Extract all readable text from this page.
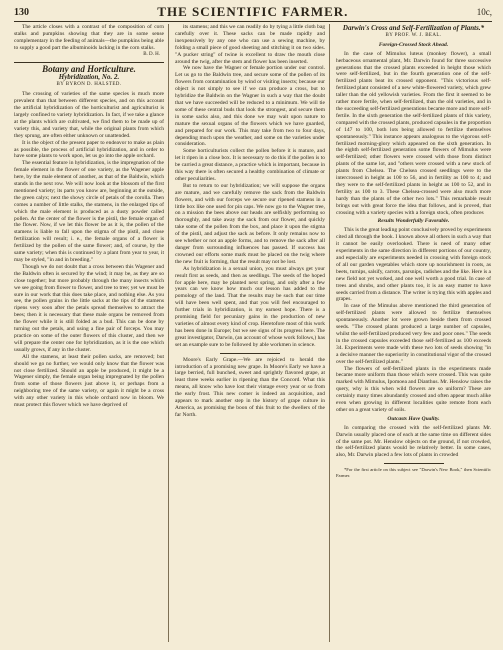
130	THE SCIENTIFIC FARMER.	10c,

The article closes with a contrast of the composition of corn stalks and pumpkins showing that they are in some sense complementary in the feeding of animals—the pumpkins being able to supply a good part the albuminoids lacking in the corn stalks.

B. D. H.
Botany and Horticulture.
Hybridization, No. 2.
BY BYRON D. HALSTED.

The crossing of varieties of the same species is much more prevalent than that between different species, and on this account the artificial hybridization of the horticulturist and agriculturist is largely confined to variety hybridization. In fact, if we take a glance at the plants which are cultivated, we find them to be made up of variety this, and variety that, while the original plants from which they sprung, are often either unknown or unattended.

It is the object of the present paper to endeavor to make as plain as possible, the process of artificial hybridization, and in order to have some plants to work upon, let us go into the apple orchard.

The essential feature in hybridization, is the impregnation of the female element in the flower of one variety, as the Wagener apple here, by the male element of another, as that of the Baldwin, which stands in the next row. We will now look at the blossom of the first mentioned variety; its parts you know are, beginning at the outside, the green calyx; next the showy circle of petals of the corolla. Then comes a number of little stalks, the stamens, in the enlarged tips of which the male element is produced as a dusty powder called pollen. At the center of the flower is the pistil, the female organ of the flower. Now, if we let this flower be as it is, the pollen of the stamens is liable to fall upon the stigma of the pistil, and close fertilization will result; i. e., the female organs of a flower is fertilized by the pollen of the same flower; and, of course, by the same variety; when this is continued by a plant from year to year, it may be styled, "in and in breeding."

Though we do not doubt that a cross between this Wagener and the Baldwin often is secured by the wind; it may be, as they are so close together; but more probably through the many insects which we see going from flower to flower, and tree to tree; yet we must be sure in our work that this does take place, and nothing else. As you see, the pollen grains in the little sacks at the tips of the stamens ripens very soon after the petals spread themselves to attract the bees; then it is necessary that these male organs be removed from the flower while it is still folded as a bud. This can be done by turning out the petals, and using a fine pair of forceps. You may practice on some of the outer flowers of this cluster, and then we will prepare the center one for hybridization, as it is the one which usually grows, if any in the cluster.

All the stamens, at least their pollen sacks, are removed; but should we go no further, we would only know that the flower was not close fertilized. Should an apple be produced, it might be a Wagener simply, the female organ being impregnated by the pollen from some of those flowers just above it, or perhaps from a neighboring tree of the same variety, or again it might be a cross with any other variety in this whole orchard now in bloom. We must protect this flower which we have deprived of

its stamens; and this we can readily do by tying a little cloth bag carefully over it. These sacks can be made rapidly and inexpensively by any one who can use a sewing machine, by folding a small piece of good sheeting and stitching it on two sides. "A pucker string" of twine is excellent to draw the mouth close around the twig, after the stem and flower has been inserted.

We now have the Wagner or female portion under our control. Let us go to the Baldwin tree, and secure some of the pollen of its flowers from contamination by wind or visiting insects; because our object is not simply to see if we can produce a cross, but to hybridize the Baldwin on the Wagner in such a way that the doubt that we have succeeded will be reduced to a minimum. We will tie some of these central buds that look the strongest, and secure them in some sacks also, and this done we may wait upon nature to mature the sexual organs of the flowers which we have guarded, and prepared for our work. This may take from two to four days, depending much upon the weather, and some on the varieties under consideration.

Some horticulturists collect the pollen before it is mature, and let it ripen in a close box. It is necessary to do this if the pollen is to be carried a great distance, a practice which is important, because in this way there is often secured a healthy combination of climate or other peculiarities.

But to return to our hybridization; we will suppose the organs are mature, and we carefully remove the sack from the Baldwin flowers, and with our forceps we secure our ripened stamens in a little box like one used for pin caps. We now go to the Wagner tree, on a mission the bees above our heads are selfishly performing so thoroughly, and take away the sack from our flower, and quickly take some of the pollen from the box, and place it upon the stigma of the pistil, and adjust the sack as before. It only remains now to see whether or not an apple forms, and to remove the sack after all danger from surrounding influences has passed. If success has crowned our efforts some mark must be placed on the twig where the new fruit is forming, that the result may not be lost.

As hybridization is a sexual union, you must always get your result first as seeds, and then as seedlings. The seeds of the hoped for apple here, may be planted next spring, and only after a few years can we know how much our lesson has added to the pomology of the land. That the results may be such that our time will have been well spent, and that you will feel encouraged to further trials in hybridization, is my earnest hope. There is a promising field for pecuniary gains in the production of new varieties of almost every kind of crop. Heretofore most of this work has been done in Europe; but we see signs of its progress here. The great investigator, Darwin, (an account of whose work follows,) has set an example sure to be followed by able workmen in science.

Moore's Early Grape.—We are rejoiced to herald the introduction of a promising new grape. In Moore's Early we have a large berried, full bunched, sweet and sprightly flavored grape, at least three weeks earlier in ripening than the Concord. What this means, all know who have lost their vintage every year or so from the early frost. This new comer is indeed an acquisition, and appears to mark another step in the history of grape culture in America, as promising the boon of this fruit to the dwellers of the far North.

Darwin's Cross and Self-Fertilization of Plants.*
BY PROF. W. J. BEAL.
Foreign-Crossed Stock Ahead.

In the case of Mimulus luteus (monkey flower), a small herbaceous ornamental plant, Mr. Darwin found for three successive generations that the crossed plants exceeded in height those which were self-fertilized, but in the fourth generation one of the self-fertilized plants beat its crossed opponent. "This victorious self-fertilized plant consisted of a new white-flowered variety, which grew taller than the old yellowish varieties. From the first it seemed to be rather more fertile, when self-fertilized, than the old varieties, and in the succeeding self-fertilized generations became more and more self-fertile. In the sixth generation the self-fertilized plants of this variety, compared with the crossed plants, produced capsules in the proportion of 147 to 100, both lots being allowed to fertilize themselves spontaneously." This instance appears analogous to the vigorous self-fertilized morning-glory which appeared on the sixth generation. In the eighth self-fertilized generation some flowers of Mimulus were self-fertilized; other flowers were crossed with those from distinct plants of the same lot, and "others were crossed with a new stock of plants from Chelsea. The Chelsea crossed seedlings were to the intercrossed in height as 100 to 56, and in fertility as 100 to 4; and they were to the self-fertilized plants in height as 100 to 52, and in fertility as 100 to 3. These Chelsea-crossed were also much more hardy than the plants of the other two lots." This remarkable result brings out with great force the idea that follows, and is proved, that crossing with a variety species with a foreign stock, often produces

Results Wonderfully Favorable.

This is the great leading point conclusively proved by experiments cited all through the book. I known above all others in such a way that it cannot be easily overlooked. There is need of many other experiments in the same direction in different portions of our country, and especially are experiments needed in crossing with foreign stock of all our garden vegetables which store up nourishment in roots, as beets, turnips, salsify, carrots, parsnips, radishes and the like. Here is a new field not yet worked, and one well worth a good trial. In case of trees and shrubs, and other plants too, it is an easy matter to have seeds carried from a distance. The writer is trying this with apples and grapes.

In case of the Mimulus above mentioned the third generation of self-fertilized plants were allowed to fertilize themselves spontaneously. Another lot were grown beside them from crossed seeds. "The crossed plants produced a large number of capsules, whilst the self-fertilized produced very few and poor ones." The seeds in the crossed capsules exceeded those self-fertilized as 100 exceeds 34. Experiments were made with these two lots of seeds showing "in a decisive manner the superiority in constitutional vigor of the crossed over the self-fertilized plants."

The flowers of self-fertilized plants in the experiments made became more uniform than those which were crossed. This was quite marked with Mimulus, Ipomoea and Dianthus. Mr. Henslow raises the query, why is this when wild flowers are so uniform? These are certainly many times abundantly crossed and often appear much alike even when growing in different localities quite remote from each other on a great variety of soils.

Outcasts Have Quality.

In comparing the crossed with the self-fertilized plants Mr. Darwin usually placed one of each at the same time on different sides of the same pot. Mr. Henslow objects on the ground, if not crowded, the self-fertilized plants would be relatively better. In some cases, also, Mr. Darwin placed a few lots of plants in crowded

*For the first article on this subject see "Darwin's New Book," then Scientific Farmer.
